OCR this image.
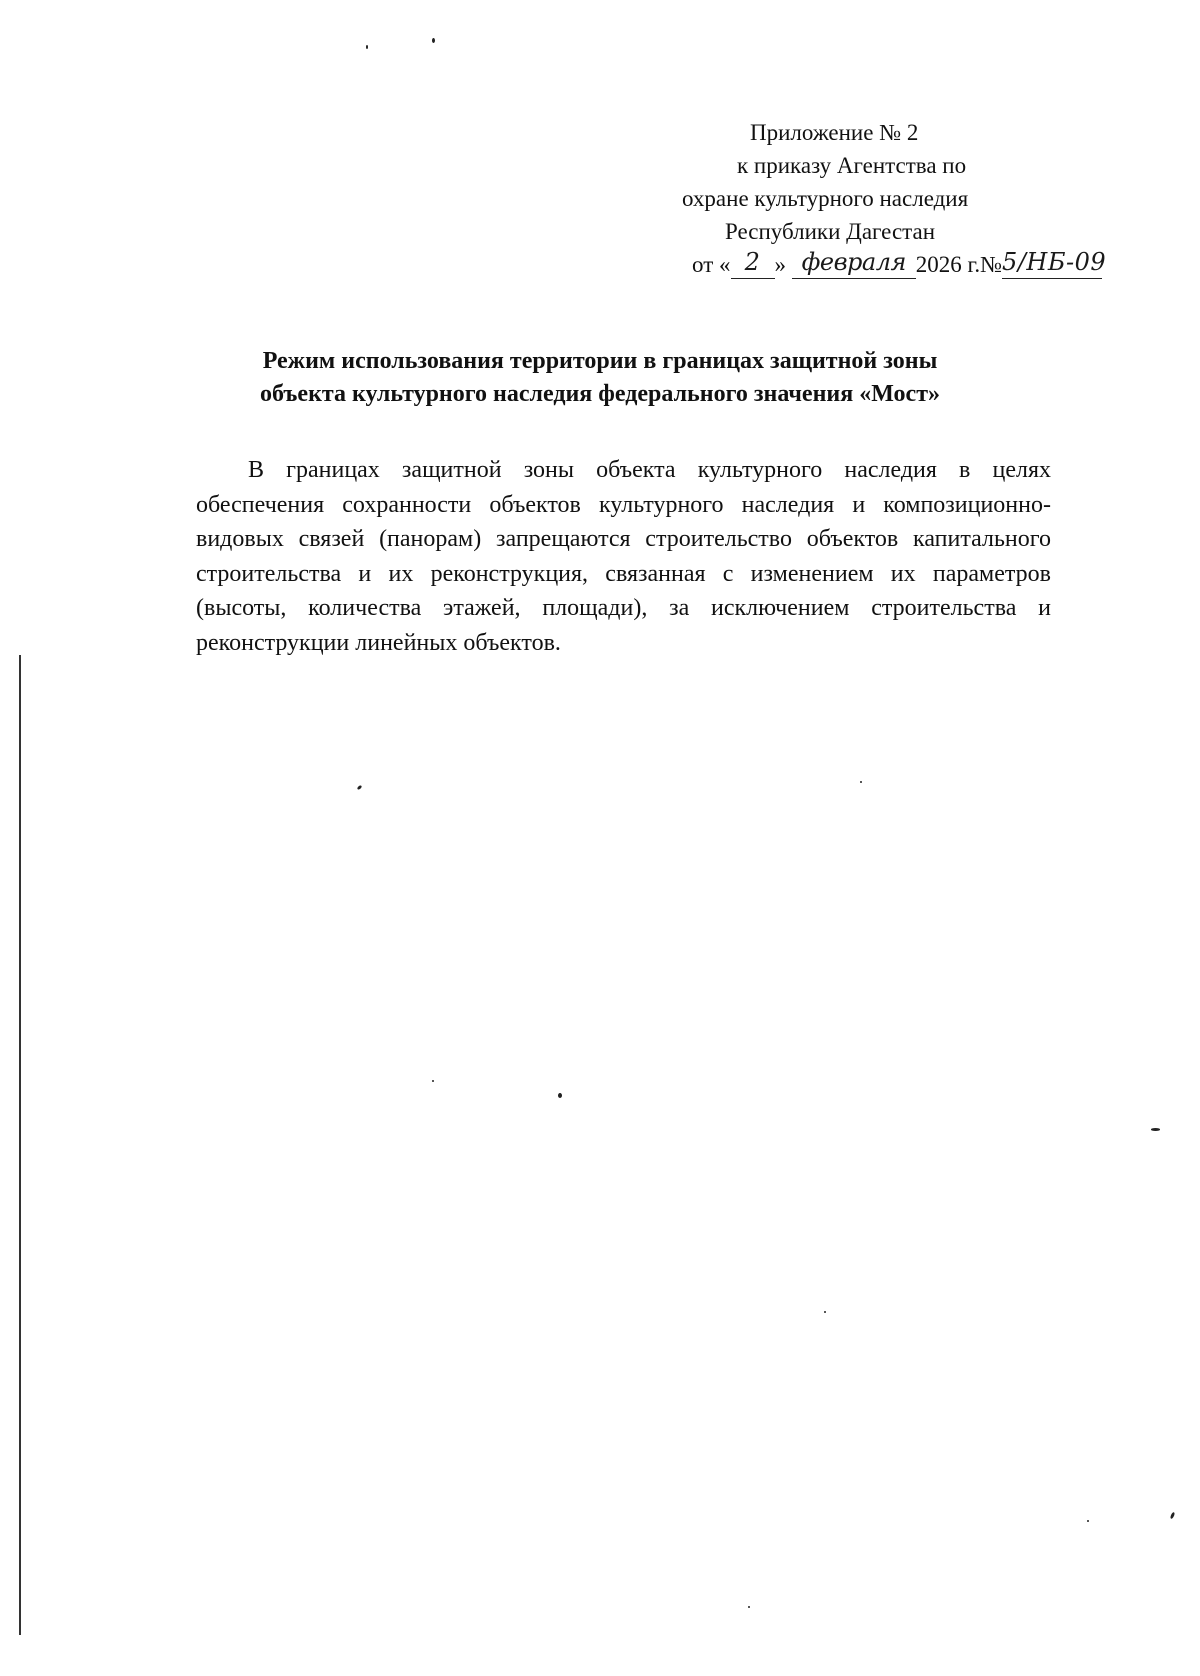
Приложение № 2
к приказу Агентства по
охране культурного наследия
Республики Дагестан
от « 2 » февраля 2026 г.№5/НБ-09
Режим использования территории в границах защитной зоны
объекта культурного наследия федерального значения «Мост»

В границах защитной зоны объекта культурного наследия в целях обеспечения сохранности объектов культурного наследия и композиционно- видовых связей (панорам) запрещаются строительство объектов капитального строительства и их реконструкция, связанная с изменением их параметров (высоты, количества этажей, площади), за исключением строительства и реконструкции линейных объектов.
